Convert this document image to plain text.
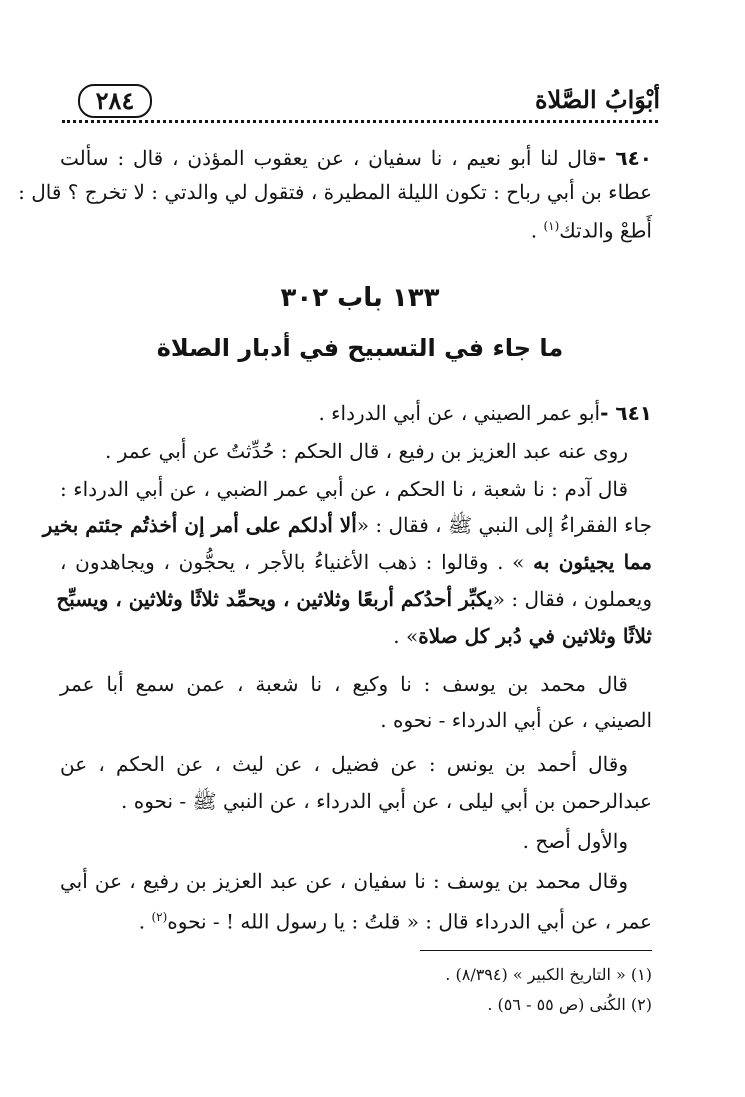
أبْوَابُ الصَّلاة
٢٨٤
٦٤٠ -قال لنا أبو نعيم ، نا سفيان ، عن يعقوب المؤذن ، قال : سألت
عطاء بن أبي رباح : تكون الليلة المطيرة ، فتقول لي والدتي : لا تخرج ؟ قال :
أَطعْ والدتك$^{(١)}$ .
١٣٣ باب ٣٠٢
ما جاء في التسبيح في أدبار الصلاة
٦٤١ -أبو عمر الصيني ، عن أبي الدرداء .
روى عنه عبد العزيز بن رفيع ، قال الحكم : حُدِّثتُ عن أبي عمر .
قال آدم : نا شعبة ، نا الحكم ، عن أبي عمر الضبي ، عن أبي الدرداء :
جاء الفقراءُ إلى النبي ﷺ ، فقال : «ألا أدلكم على أمر إن أخذتُم جئتم بخير
مما يجيئون به » . وقالوا : ذهب الأغنياءُ بالأجر ، يحجُّون ، ويجاهدون ،
ويعملون ، فقال : «يكبِّر أحدُكم أربعًا وثلاثين ، ويحمِّد ثلاثًا وثلاثين ، ويسبِّح
ثلاثًا وثلاثين في دُبر كل صلاة» .
قال محمد بن يوسف : نا وكيع ، نا شعبة ، عمن سمع أبا عمر
الصيني ، عن أبي الدرداء - نحوه .
وقال أحمد بن يونس : عن فضيل ، عن ليث ، عن الحكم ، عن
عبدالرحمن بن أبي ليلى ، عن أبي الدرداء ، عن النبي ﷺ - نحوه .
والأول أصح .
وقال محمد بن يوسف : نا سفيان ، عن عبد العزيز بن رفيع ، عن أبي
عمر ، عن أبي الدرداء قال : « قلتُ : يا رسول الله ! - نحوه$^{(٢)}$ .
(١) « التاريخ الكبير » (٨/٣٩٤) .
(٢) الكُنى (ص ٥٥ - ٥٦) .
